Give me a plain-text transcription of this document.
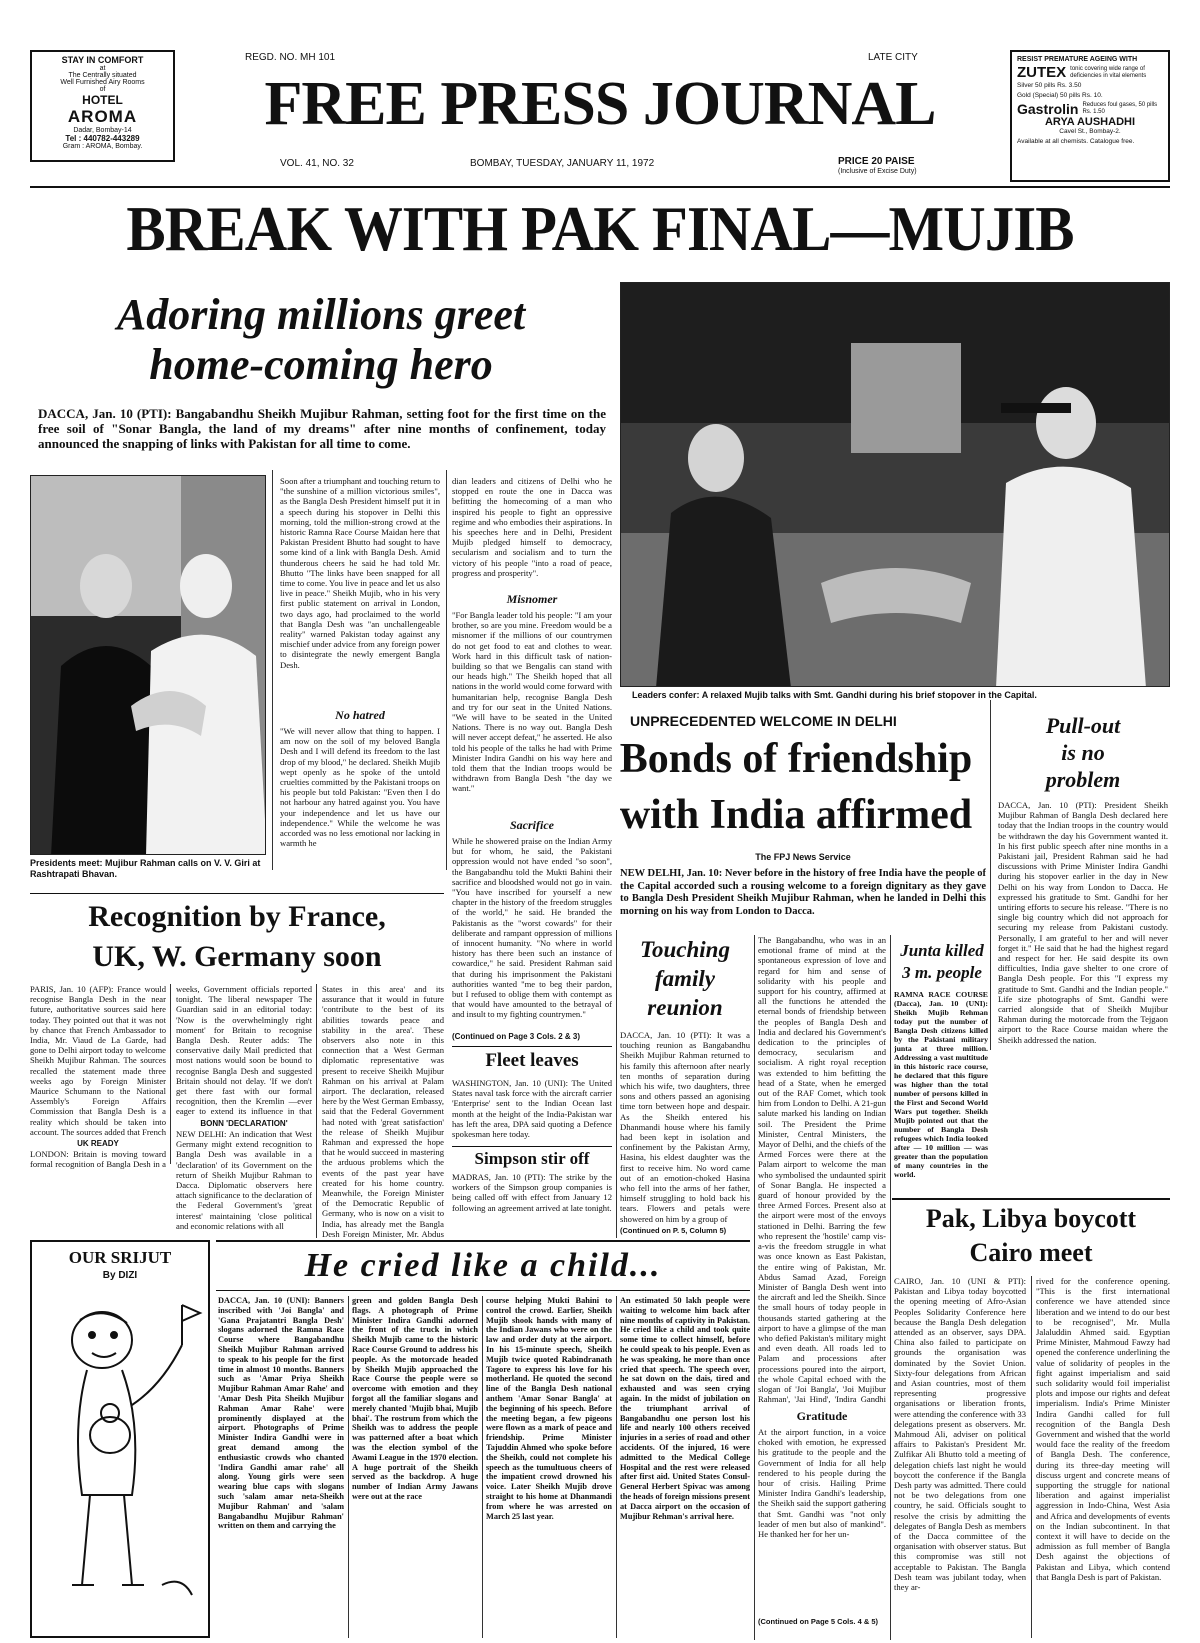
STAY IN COMFORT
at
The Centrally situated
Well Furnished Airy Rooms
of
HOTEL
AROMA
Dadar, Bombay-14
Tel : 440782-443289
Gram : AROMA, Bombay.
REGD. NO. MH 101	LATE CITY
FREE PRESS JOURNAL
VOL. 41, NO. 32	BOMBAY, TUESDAY, JANUARY 11, 1972	PRICE 20 PAISE
(Inclusive of Excise Duty)
RESIST PREMATURE AGEING WITH
ZUTEX tonic covering wide range of deficiencies in vital elements
Silver 50 pills Rs. 3.50
Gold (Special) 50 pills Rs. 10.
Gastrolin Reduces foul gases, 50 pills Rs. 1.50
ARYA AUSHADHI
Cavel St., Bombay-2.
Available at all chemists. Catalogue free.
BREAK WITH PAK FINAL—MUJIB
Adoring millions greet
home-coming hero
DACCA, Jan. 10 (PTI): Bangabandhu Sheikh Mujibur Rahman, setting foot for the first time on the free soil of "Sonar Bangla, the land of my dreams" after nine months of confinement, today announced the snapping of links with Pakistan for all time to come.
Presidents meet: Mujibur Rahman calls on V. V. Giri at Rashtrapati Bhavan.
Soon after a triumphant and touching return to "the sunshine of a million victorious smiles", as the Bangla Desh President himself put it in a speech during his stopover in Delhi this morning, told the million-strong crowd at the historic Ramna Race Course Maidan here that Pakistan President Bhutto had sought to have some kind of a link with Bangla Desh. Amid thunderous cheers he said he had told Mr. Bhutto "The links have been snapped for all time to come. You live in peace and let us also live in peace." Sheikh Mujib, who in his very first public statement on arrival in London, two days ago, had proclaimed to the world that Bangla Desh was "an unchallengeable reality" warned Pakistan today against any mischief under advice from any foreign power to disintegrate the newly emergent Bangla Desh.
No hatred
"We will never allow that thing to happen. I am now on the soil of my beloved Bangla Desh and I will defend its freedom to the last drop of my blood," he declared. Sheikh Mujib wept openly as he spoke of the untold cruelties committed by the Pakistani troops on his people but told Pakistan: "Even then I do not harbour any hatred against you. You have your independence and let us have our independence." While the welcome he was accorded was no less emotional nor lacking in warmth he
dian leaders and citizens of Delhi who he stopped en route the one in Dacca was befitting the homecoming of a man who inspired his people to fight an oppressive regime and who embodies their aspirations. In his speeches here and in Delhi, President Mujib pledged himself to democracy, secularism and socialism and to turn the victory of his people "into a road of peace, progress and prosperity".
Misnomer
"For Bangla leader told his people: "I am your brother, so are you mine. Freedom would be a misnomer if the millions of our countrymen do not get food to eat and clothes to wear. Work hard in this difficult task of nation-building so that we Bengalis can stand with our heads high." The Sheikh hoped that all nations in the world would come forward with humanitarian help, recognise Bangla Desh and try for our seat in the United Nations. "We will have to be seated in the United Nations. There is no way out. Bangla Desh will never accept defeat," he asserted. He also told his people of the talks he had with Prime Minister Indira Gandhi on his way here and told them that the Indian troops would be withdrawn from Bangla Desh "the day we want."
Sacrifice
While he showered praise on the Indian Army but for whom, he said, the Pakistani oppression would not have ended "so soon", the Bangabandhu told the Mukti Bahini their sacrifice and bloodshed would not go in vain. "You have inscribed for yourself a new chapter in the history of the freedom struggles of the world," he said. He branded the Pakistanis as the "worst cowards" for their deliberate and rampant oppression of millions of innocent humanity. "No where in world history has there been such an instance of cowardice," he said. President Rahman said that during his imprisonment the Pakistani authorities wanted "me to beg their pardon, but I refused to oblige them with contempt as that would have amounted to the betrayal of and insult to my fighting countrymen."
(Continued on Page 3 Cols. 2 & 3)
Leaders confer: A relaxed Mujib talks with Smt. Gandhi during his brief stopover in the Capital.
UNPRECEDENTED WELCOME IN DELHI
Bonds of friendship
with India affirmed
The FPJ News Service
NEW DELHI, Jan. 10: Never before in the history of free India have the people of the Capital accorded such a rousing welcome to a foreign dignitary as they gave to Bangla Desh President Sheikh Mujibur Rahman, when he landed in Delhi this morning on his way from London to Dacca.
Pull-out
is no
problem
DACCA, Jan. 10 (PTI): President Sheikh Mujibur Rahman of Bangla Desh declared here today that the Indian troops in the country would be withdrawn the day his Government wanted it. In his first public speech after nine months in a Pakistani jail, President Rahman said he had discussions with Prime Minister Indira Gandhi during his stopover earlier in the day in New Delhi on his way from London to Dacca. He expressed his gratitude to Smt. Gandhi for her untiring efforts to secure his release. "There is no single big country which did not approach for securing my release from Pakistani custody. Personally, I am grateful to her and will never forget it." He said that he had the highest regard and respect for her. He said despite its own difficulties, India gave shelter to one crore of Bangla Desh people. For this "I express my gratitude to Smt. Gandhi and the Indian people." Life size photographs of Smt. Gandhi were carried alongside that of Sheikh Mujibur Rahman during the motorcade from the Tejgaon airport to the Race Course maidan where the Sheikh addressed the nation.
Recognition by France,
UK, W. Germany soon
PARIS, Jan. 10 (AFP): France would recognise Bangla Desh in the near future, authoritative sources said here today. They pointed out that it was not by chance that French Ambassador to India, Mr. Viaud de La Garde, had gone to Delhi airport today to welcome Sheikh Mujibur Rahman. The sources recalled the statement made three weeks ago by Foreign Minister Maurice Schumann to the National Assembly's Foreign Affairs Commission that Bangla Desh is a reality which should be taken into account. The sources added that French
UK READY
LONDON: Britain is moving toward formal recognition of Bangla Desh in a
weeks, Government officials reported tonight. The liberal newspaper The Guardian said in an editorial today: 'Now is the overwhelmingly right moment' for Britain to recognise Bangla Desh. Reuter adds: The conservative daily Mail predicted that most nations would soon be bound to recognise Bangla Desh and suggested Britain should not delay. 'If we don't get there fast with our formal recognition, then the Kremlin —ever eager to extend its influence in that
BONN 'DECLARATION'
NEW DELHI: An indication that West Germany might extend recognition to Bangla Desh was available in a 'declaration' of its Government on the return of Sheikh Mujibur Rahman to Dacca. Diplomatic observers here attach significance to the declaration of the Federal Government's 'great interest' maintaining 'close political and economic relations with all
States in this area' and its assurance that it would in future 'contribute to the best of its abilities towards peace and stability in the area'. These observers also note in this connection that a West German diplomatic representative was present to receive Sheikh Mujibur Rahman on his arrival at Palam airport. The declaration, released here by the West German Embassy, said that the Federal Government had noted with 'great satisfaction' the release of Sheikh Mujibur Rahman and expressed the hope that he would succeed in mastering the arduous problems which the events of the past year have created for his home country. Meanwhile, the Foreign Minister of the Democratic Republic of Germany, who is now on a visit to India, has already met the Bangla Desh Foreign Minister, Mr. Abdus
Fleet leaves
WASHINGTON, Jan. 10 (UNI): The United States naval task force with the aircraft carrier 'Enterprise' sent to the Indian Ocean last month at the height of the India-Pakistan war has left the area, DPA said quoting a Defence spokesman here today.
Simpson stir off
MADRAS, Jan. 10 (PTI): The strike by the workers of the Simpson group companies is being called off with effect from January 12 following an agreement arrived at late tonight.
Touching
family
reunion
DACCA, Jan. 10 (PTI): It was a touching reunion as Bangabandhu Sheikh Mujibur Rahman returned to his family this afternoon after nearly ten months of separation during which his wife, two daughters, three sons and others passed an agonising time torn between hope and despair. As the Sheikh entered his Dhanmandi house where his family had been kept in isolation and confinement by the Pakistan Army, Hasina, his eldest daughter was the first to receive him. No word came out of an emotion-choked Hasina who fell into the arms of her father, himself struggling to hold back his tears. Flowers and petals were showered on him by a group of
(Continued on P. 5, Column 5)
The Bangabandhu, who was in an emotional frame of mind at the spontaneous expression of love and regard for him and sense of solidarity with his people and support for his country, affirmed at all the functions he attended the eternal bonds of friendship between the peoples of Bangla Desh and India and declared his Government's dedication to the principles of democracy, secularism and socialism. A right royal reception was extended to him befitting the head of a State, when he emerged out of the RAF Comet, which took him from London to Delhi. A 21-gun salute marked his landing on Indian soil. The President the Prime Minister, Central Ministers, the Mayor of Delhi, and the chiefs of the Armed Forces were there at the Palam airport to welcome the man who symbolised the undaunted spirit of Sonar Bangla. He inspected a guard of honour provided by the three Armed Forces. Present also at the airport were most of the envoys stationed in Delhi. Barring the few who represent the 'hostile' camp vis-a-vis the freedom struggle in what was once known as East Pakistan, the entire wing of Pakistan, Mr. Abdus Samad Azad, Foreign Minister of Bangla Desh went into the aircraft and led the Sheikh. Since the small hours of today people in thousands started gathering at the airport to have a glimpse of the man who defied Pakistan's military might and even death. All roads led to Palam and processions after processions poured into the airport, the whole Capital echoed with the slogan of 'Joi Bangla', 'Joi Mujibur Rahman', 'Jai Hind', 'Indira Gandhi
Gratitude
At the airport function, in a voice choked with emotion, he expressed his gratitude to the people and the Government of India for all help rendered to his people during the hour of crisis. Hailing Prime Minister Indira Gandhi's leadership, the Sheikh said the support gathering that Smt. Gandhi was "not only leader of men but also of mankind". He thanked her for her un-
(Continued on Page 5 Cols. 4 & 5)
Junta killed
3 m. people
RAMNA RACE COURSE (Dacca), Jan. 10 (UNI): Sheikh Mujib Rehman today put the number of Bangla Desh citizens killed by the Pakistani military junta at three million. Addressing a vast multitude in this historic race course, he declared that this figure was higher than the total number of persons killed in the First and Second World Wars put together. Sheikh Mujib pointed out that the number of Bangla Desh refugees which India looked after — 10 million — was greater than the population of many countries in the world.
Pak, Libya boycott
Cairo meet
CAIRO, Jan. 10 (UNI & PTI): Pakistan and Libya today boycotted the opening meeting of Afro-Asian Peoples Solidarity Conference here because the Bangla Desh delegation attended as an observer, says DPA. China also failed to participate on grounds the organisation was dominated by the Soviet Union. Sixty-four delegations from African and Asian countries, most of them representing progressive organisations or liberation fronts, were attending the conference with 33 delegations present as observers. Mr. Mahmoud Ali, adviser on political affairs to Pakistan's President Mr. Zulfikar Ali Bhutto told a meeting of delegation chiefs last night he would boycott the conference if the Bangla Desh party was admitted. There could not be two delegations from one country, he said. Officials sought to resolve the crisis by admitting the delegates of Bangla Desh as members of the Dacca committee of the organisation with observer status. But this compromise was still not acceptable to Pakistan. The Bangla Desh team was jubilant today, when they ar-
rived for the conference opening. "This is the first international conference we have attended since liberation and we intend to do our best to be recognised", Mr. Mulla Jalaluddin Ahmed said. Egyptian Prime Minister, Mahmoud Fawzy had opened the conference underlining the value of solidarity of peoples in the fight against imperialism and said such solidarity would foil imperialist plots and impose our rights and defeat imperialism. India's Prime Minister Indira Gandhi called for full recognition of the Bangla Desh Government and wished that the world would face the reality of the freedom of Bangla Desh. The conference, during its three-day meeting will discuss urgent and concrete means of supporting the struggle for national liberation and against imperialist aggression in Indo-China, West Asia and Africa and developments of events on the Indian subcontinent. In that context it will have to decide on the admission as full member of Bangla Desh against the objections of Pakistan and Libya, which contend that Bangla Desh is part of Pakistan.
OUR SRIJUT
By DIZI	He cried like a child...
DACCA, Jan. 10 (UNI): Banners inscribed with 'Joi Bangla' and 'Gana Prajatantri Bangla Desh' slogans adorned the Ramna Race Course where Bangabandhu Sheikh Mujibur Rahman arrived to speak to his people for the first time in almost 10 months. Banners such as 'Amar Priya Sheikh Mujibur Rahman Amar Rahe' and 'Amar Desh Pita Sheikh Mujibur Rahman Amar Rahe' were prominently displayed at the airport. Photographs of Prime Minister Indira Gandhi were in great demand among the enthusiastic crowds who chanted 'Indira Gandhi amar rahe' all along. Young girls were seen wearing blue caps with slogans such 'salam amar neta-Sheikh Mujibur Rahman' and 'salam Bangabandhu Mujibur Rahman' written on them and carrying the
green and golden Bangla Desh flags. A photograph of Prime Minister Indira Gandhi adorned the front of the truck in which Sheikh Mujib came to the historic Race Course Ground to address his people. As the motorcade headed by Sheikh Mujib approached the Race Course the people were so overcome with emotion and they forgot all the familiar slogans and merely chanted 'Mujib bhai, Mujib bhai'. The rostrum from which the Sheikh was to address the people was patterned after a boat which was the election symbol of the Awami League in the 1970 election. A huge portrait of the Sheikh served as the backdrop. A huge number of Indian Army Jawans were out at the race
course helping Mukti Bahini to control the crowd. Earlier, Sheikh Mujib shook hands with many of the Indian Jawans who were on the law and order duty at the airport. In his 15-minute speech, Sheikh Mujib twice quoted Rabindranath Tagore to express his love for his motherland. He quoted the second line of the Bangla Desh national anthem 'Amar Sonar Bangla' at the beginning of his speech. Before the meeting began, a few pigeons were flown as a mark of peace and friendship. Prime Minister Tajuddin Ahmed who spoke before the Sheikh, could not complete his speech as the tumultuous cheers of the impatient crowd drowned his voice. Later Sheikh Mujib drove straight to his home at Dhanmandi from where he was arrested on March 25 last year.
An estimated 50 lakh people were waiting to welcome him back after nine months of captivity in Pakistan. He cried like a child and took quite some time to collect himself, before he could speak to his people. Even as he was speaking, he more than once cried that speech. The speech over, he sat down on the dais, tired and exhausted and was seen crying again. In the midst of jubilation on the triumphant arrival of Bangabandhu one person lost his life and nearly 100 others received injuries in a series of road and other accidents. Of the injured, 16 were admitted to the Medical College Hospital and the rest were released after first aid. United States Consul-General Herbert Spivac was among the heads of foreign missions present at Dacca airport on the occasion of Mujibur Rehman's arrival here.
